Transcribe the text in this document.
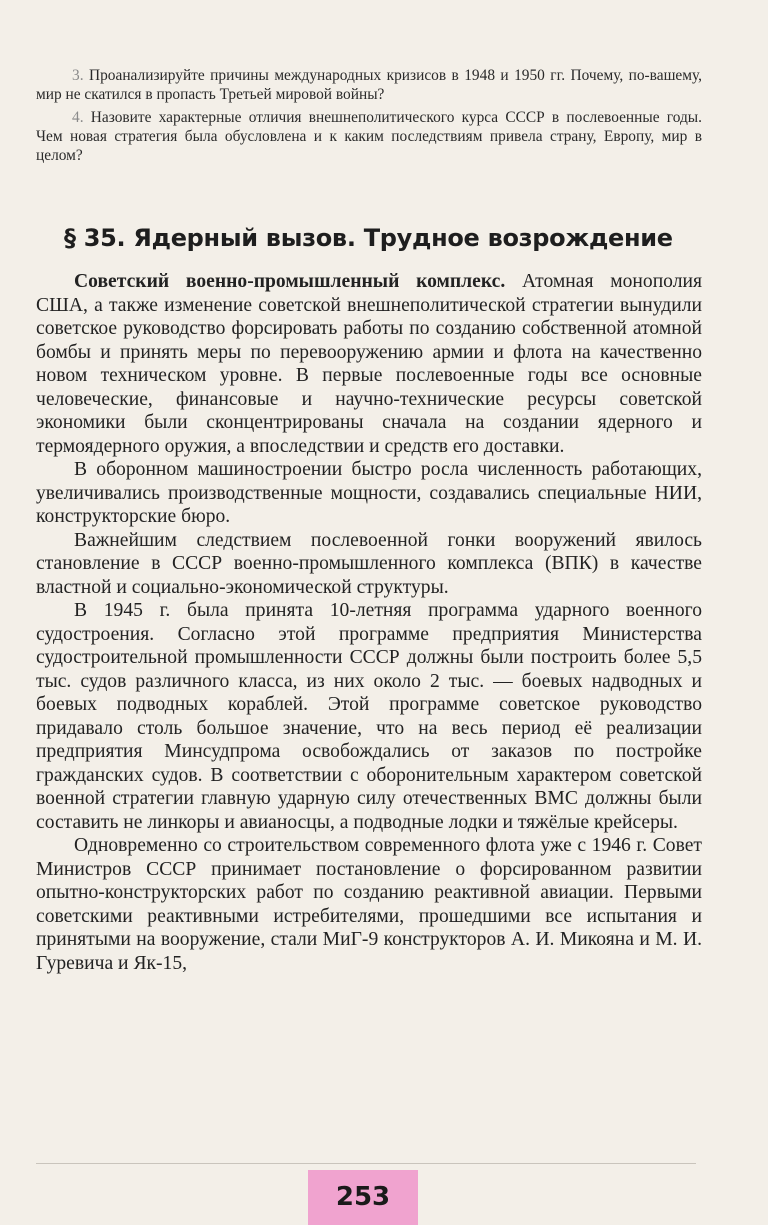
3. Проанализируйте причины международных кризисов в 1948 и 1950 гг. Почему, по-вашему, мир не скатился в пропасть Третьей мировой войны?

4. Назовите характерные отличия внешнеполитического курса СССР в послевоенные годы. Чем новая стратегия была обусловлена и к каким последствиям привела страну, Европу, мир в целом?

§ 35. Ядерный вызов. Трудное возрождение

Советский военно-промышленный комплекс. Атомная монополия США, а также изменение советской внешнеполитической стратегии вынудили советское руководство форсировать работы по созданию собственной атомной бомбы и принять меры по перевооружению армии и флота на качественно новом техническом уровне. В первые послевоенные годы все основные человеческие, финансовые и научно-технические ресурсы советской экономики были сконцентрированы сначала на создании ядерного и термоядерного оружия, а впоследствии и средств его доставки.

В оборонном машиностроении быстро росла численность работающих, увеличивались производственные мощности, создавались специальные НИИ, конструкторские бюро.

Важнейшим следствием послевоенной гонки вооружений явилось становление в СССР военно-промышленного комплекса (ВПК) в качестве властной и социально-экономической структуры.

В 1945 г. была принята 10-летняя программа ударного военного судостроения. Согласно этой программе предприятия Министерства судостроительной промышленности СССР должны были построить более 5,5 тыс. судов различного класса, из них около 2 тыс. — боевых надводных и боевых подводных кораблей. Этой программе советское руководство придавало столь большое значение, что на весь период её реализации предприятия Минсудпрома освобождались от заказов по постройке гражданских судов. В соответствии с оборонительным характером советской военной стратегии главную ударную силу отечественных ВМС должны были составить не линкоры и авианосцы, а подводные лодки и тяжёлые крейсеры.

Одновременно со строительством современного флота уже с 1946 г. Совет Министров СССР принимает постановление о форсированном развитии опытно-конструкторских работ по созданию реактивной авиации. Первыми советскими реактивными истребителями, прошедшими все испытания и принятыми на вооружение, стали МиГ-9 конструкторов А. И. Микояна и М. И. Гуревича и Як-15,

253
